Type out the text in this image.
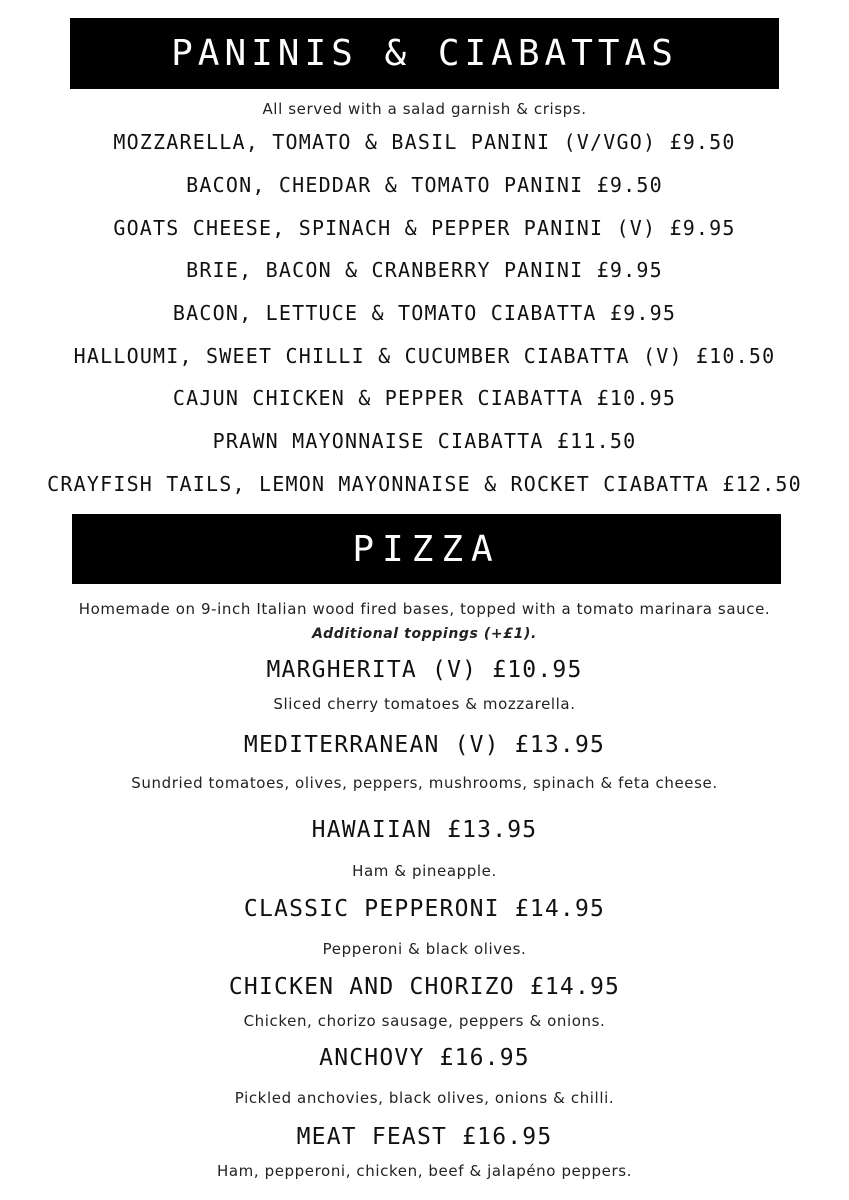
PANINIS & CIABATTAS
All served with a salad garnish & crisps.
MOZZARELLA, TOMATO & BASIL PANINI (V/VGO) £9.50
BACON, CHEDDAR & TOMATO PANINI £9.50
GOATS CHEESE, SPINACH & PEPPER PANINI (V) £9.95
BRIE, BACON & CRANBERRY PANINI £9.95
BACON, LETTUCE & TOMATO CIABATTA £9.95
HALLOUMI, SWEET CHILLI & CUCUMBER CIABATTA (V) £10.50
CAJUN CHICKEN & PEPPER CIABATTA £10.95
PRAWN MAYONNAISE CIABATTA £11.50
CRAYFISH TAILS, LEMON MAYONNAISE & ROCKET CIABATTA £12.50
PIZZA
Homemade on 9-inch Italian wood fired bases, topped with a tomato marinara sauce.
Additional toppings (+£1).
MARGHERITA (V) £10.95
Sliced cherry tomatoes & mozzarella.
MEDITERRANEAN (V) £13.95
Sundried tomatoes, olives, peppers, mushrooms, spinach & feta cheese.
HAWAIIAN £13.95
Ham & pineapple.
CLASSIC PEPPERONI £14.95
Pepperoni & black olives.
CHICKEN AND CHORIZO £14.95
Chicken, chorizo sausage, peppers & onions.
ANCHOVY £16.95
Pickled anchovies, black olives, onions & chilli.
MEAT FEAST £16.95
Ham, pepperoni, chicken, beef & jalapéno peppers.
